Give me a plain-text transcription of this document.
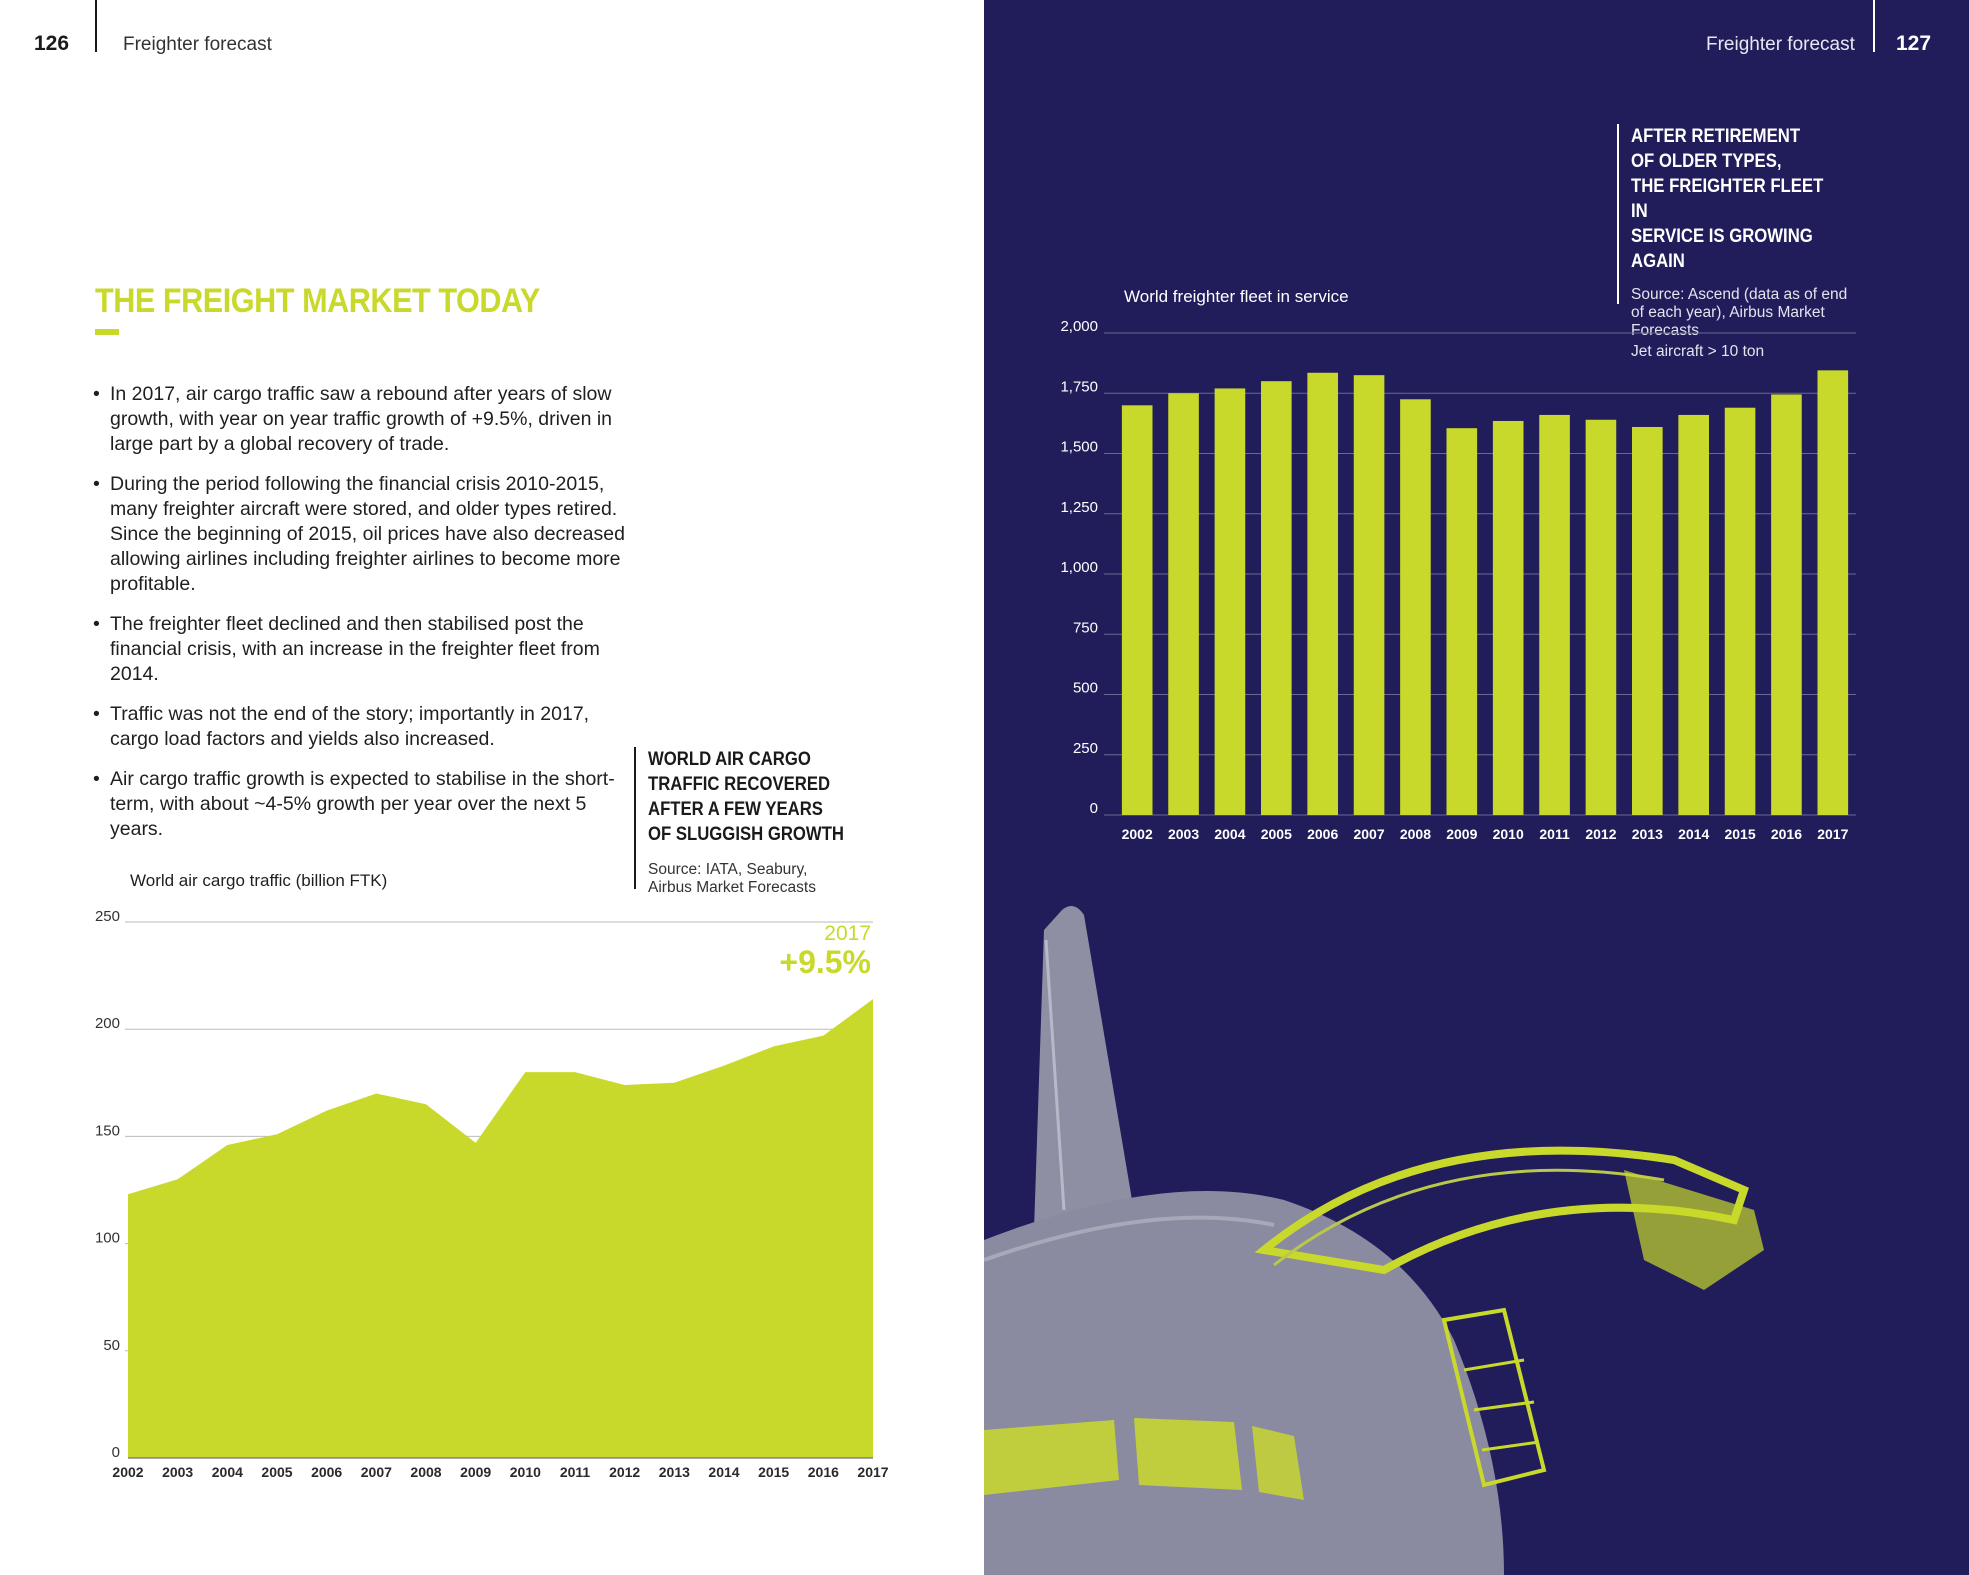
126	Freighter forecast
THE FREIGHT MARKET TODAY
• In 2017, air cargo traffic saw a rebound after years of slow growth, with year on year traffic growth of +9.5%, driven in large part by a global recovery of trade.
• During the period following the financial crisis 2010-2015, many freighter aircraft were stored, and older types retired. Since the beginning of 2015, oil prices have also decreased allowing airlines including freighter airlines to become more profitable.
• The freighter fleet declined and then stabilised post the financial crisis, with an increase in the freighter fleet from 2014.
• Traffic was not the end of the story; importantly in 2017, cargo load factors and yields also increased.
• Air cargo traffic growth is expected to stabilise in the short-term, with about ~4-5% growth per year over the next 5 years.
WORLD AIR CARGO
TRAFFIC RECOVERED
AFTER A FEW YEARS
OF SLUGGISH GROWTH
Source: IATA, Seabury,
Airbus Market Forecasts
World air cargo traffic (billion FTK)
0
50
100
150
200
250
2002 2003 2004 2005 2006 2007 2008 2009 2010 2011 2012 2013 2014 2015 2016 2017
2017
+9.5%
Freighter forecast 127
AFTER RETIREMENT
OF OLDER TYPES,
THE FREIGHTER FLEET IN
SERVICE IS GROWING AGAIN
Source: Ascend (data as of end
of each year), Airbus Market
Forecasts
Jet aircraft > 10 ton
World freighter fleet in service
0
250
500
750
1,000
1,250
1,500
1,750
2,000
2002 2003 2004 2005 2006 2007 2008 2009 2010 2011 2012 2013 2014 2015 2016 2017
